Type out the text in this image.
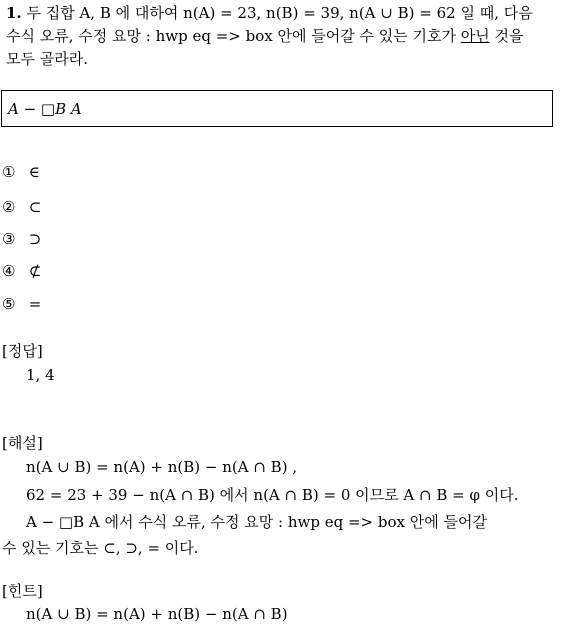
1. 두 집합 A, B 에 대하여 n(A) = 23, n(B) = 39, n(A ∪ B) = 62 일 때, 다음
수식 오류, 수정 요망 : hwp eq => box 안에 들어갈 수 있는 기호가 아닌 것을
모두 골라라.
A − □B A
① ∈
② ⊂
③ ⊃
④ ⊄
⑤ =
[정답]
1, 4
[해설]
n(A ∪ B) = n(A) + n(B) − n(A ∩ B) ,
62 = 23 + 39 − n(A ∩ B) 에서 n(A ∩ B) = 0 이므로 A ∩ B = φ 이다.
A − □B A 에서 수식 오류, 수정 요망 : hwp eq => box 안에 들어갈
수 있는 기호는 ⊂, ⊃, = 이다.
[힌트]
n(A ∪ B) = n(A) + n(B) − n(A ∩ B)
